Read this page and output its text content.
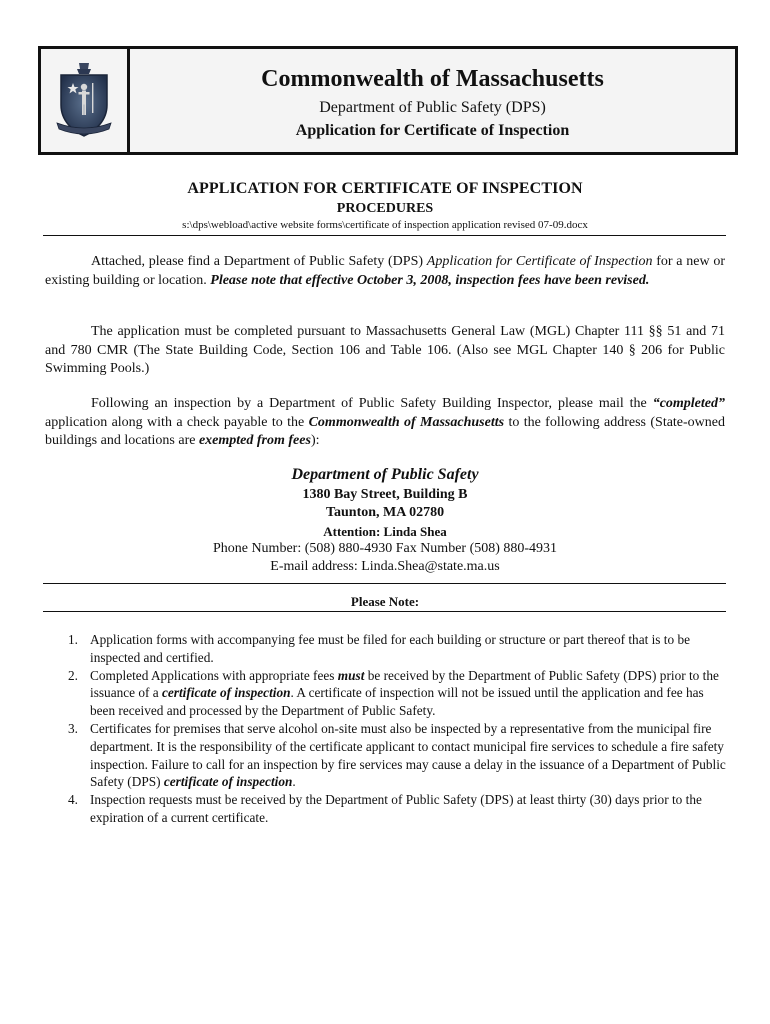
Commonwealth of Massachusetts
Department of Public Safety (DPS)
Application for Certificate of Inspection
APPLICATION FOR CERTIFICATE OF INSPECTION
PROCEDURES
s:\dps\webload\active website forms\certificate of inspection application revised 07-09.docx
Attached, please find a Department of Public Safety (DPS) Application for Certificate of Inspection for a new or existing building or location. Please note that effective October 3, 2008, inspection fees have been revised.
The application must be completed pursuant to Massachusetts General Law (MGL) Chapter 111 §§ 51 and 71 and 780 CMR (The State Building Code, Section 106 and Table 106. (Also see MGL Chapter 140 § 206 for Public Swimming Pools.)
Following an inspection by a Department of Public Safety Building Inspector, please mail the “completed” application along with a check payable to the Commonwealth of Massachusetts to the following address (State-owned buildings and locations are exempted from fees):
Department of Public Safety
1380 Bay Street, Building B
Taunton, MA 02780
Attention: Linda Shea
Phone Number: (508) 880-4930 Fax Number (508) 880-4931
E-mail address: Linda.Shea@state.ma.us
Please Note:
1. Application forms with accompanying fee must be filed for each building or structure or part thereof that is to be inspected and certified.
2. Completed Applications with appropriate fees must be received by the Department of Public Safety (DPS) prior to the issuance of a certificate of inspection. A certificate of inspection will not be issued until the application and fee has been received and processed by the Department of Public Safety.
3. Certificates for premises that serve alcohol on-site must also be inspected by a representative from the municipal fire department. It is the responsibility of the certificate applicant to contact municipal fire services to schedule a fire safety inspection. Failure to call for an inspection by fire services may cause a delay in the issuance of a Department of Public Safety (DPS) certificate of inspection.
4. Inspection requests must be received by the Department of Public Safety (DPS) at least thirty (30) days prior to the expiration of a current certificate.
